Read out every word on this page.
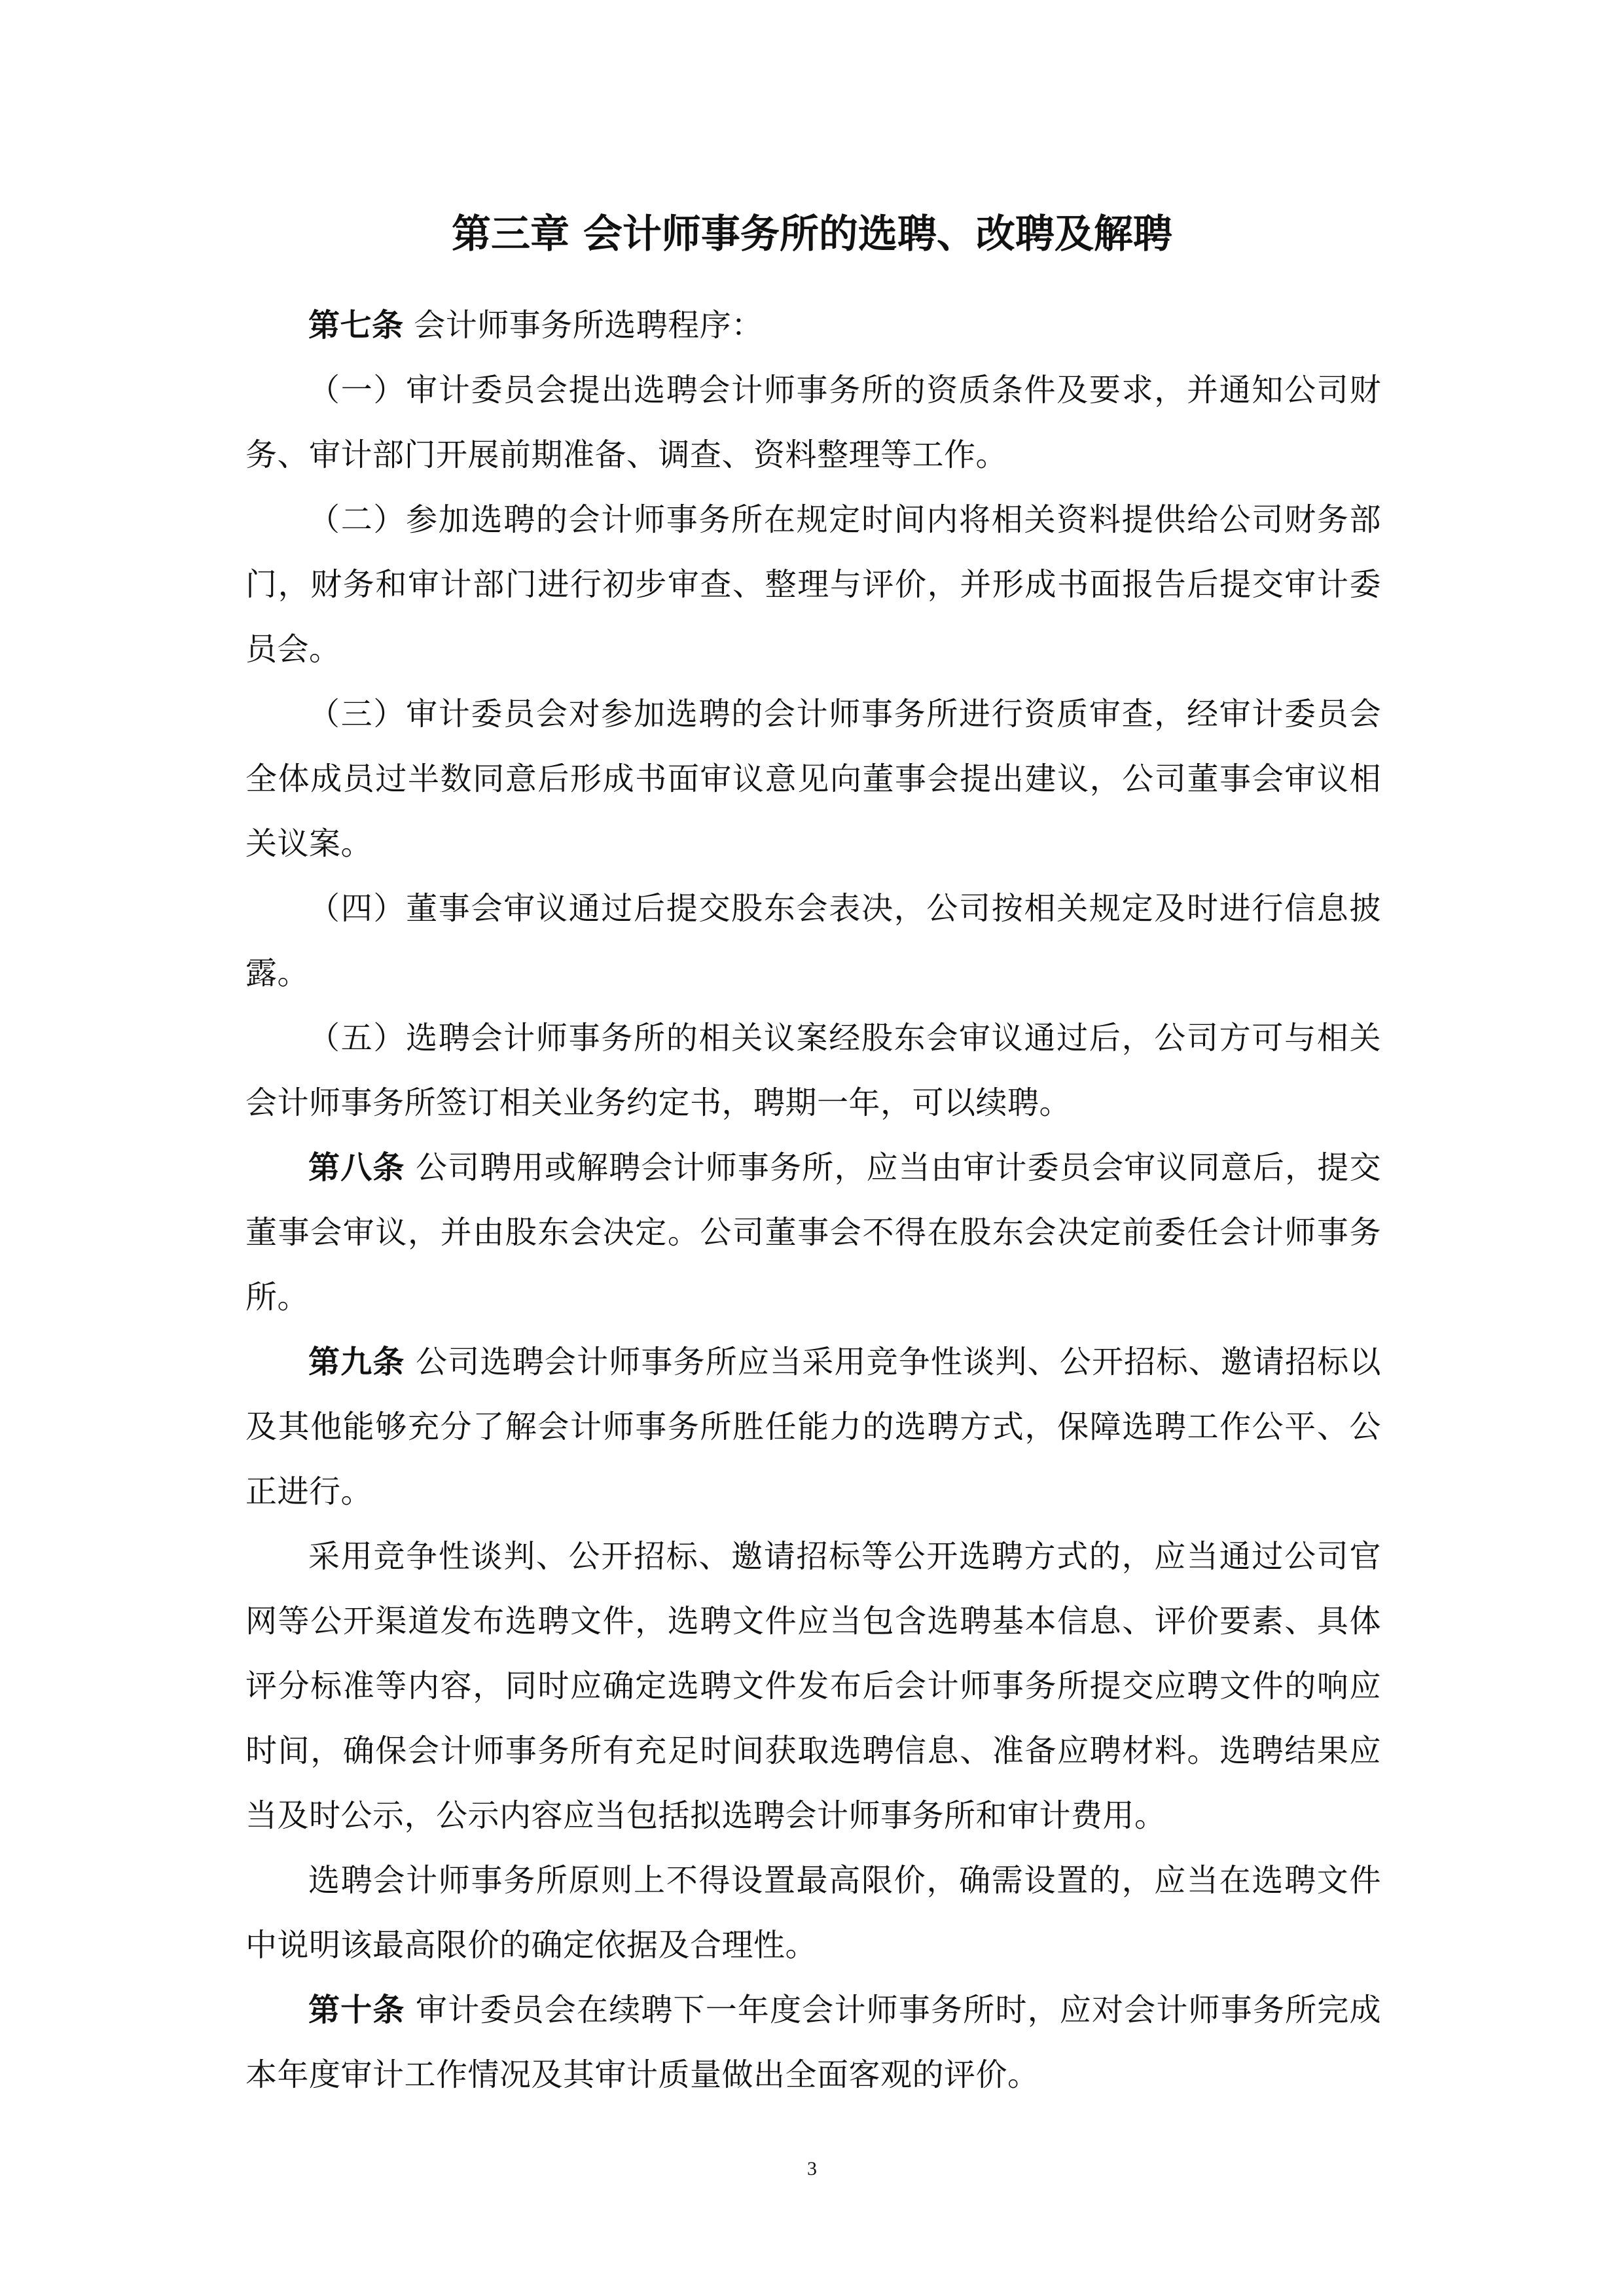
第三章 会计师事务所的选聘、改聘及解聘

第七条 会计师事务所选聘程序：

（一）审计委员会提出选聘会计师事务所的资质条件及要求，并通知公司财务、审计部门开展前期准备、调查、资料整理等工作。

（二）参加选聘的会计师事务所在规定时间内将相关资料提供给公司财务部门，财务和审计部门进行初步审查、整理与评价，并形成书面报告后提交审计委员会。

（三）审计委员会对参加选聘的会计师事务所进行资质审查，经审计委员会全体成员过半数同意后形成书面审议意见向董事会提出建议，公司董事会审议相关议案。

（四）董事会审议通过后提交股东会表决，公司按相关规定及时进行信息披露。

（五）选聘会计师事务所的相关议案经股东会审议通过后，公司方可与相关会计师事务所签订相关业务约定书，聘期一年，可以续聘。

第八条 公司聘用或解聘会计师事务所，应当由审计委员会审议同意后，提交董事会审议，并由股东会决定。公司董事会不得在股东会决定前委任会计师事务所。

第九条 公司选聘会计师事务所应当采用竞争性谈判、公开招标、邀请招标以及其他能够充分了解会计师事务所胜任能力的选聘方式，保障选聘工作公平、公正进行。

采用竞争性谈判、公开招标、邀请招标等公开选聘方式的，应当通过公司官网等公开渠道发布选聘文件，选聘文件应当包含选聘基本信息、评价要素、具体评分标准等内容，同时应确定选聘文件发布后会计师事务所提交应聘文件的响应时间，确保会计师事务所有充足时间获取选聘信息、准备应聘材料。选聘结果应当及时公示，公示内容应当包括拟选聘会计师事务所和审计费用。

选聘会计师事务所原则上不得设置最高限价，确需设置的，应当在选聘文件中说明该最高限价的确定依据及合理性。

第十条 审计委员会在续聘下一年度会计师事务所时，应对会计师事务所完成本年度审计工作情况及其审计质量做出全面客观的评价。

3
